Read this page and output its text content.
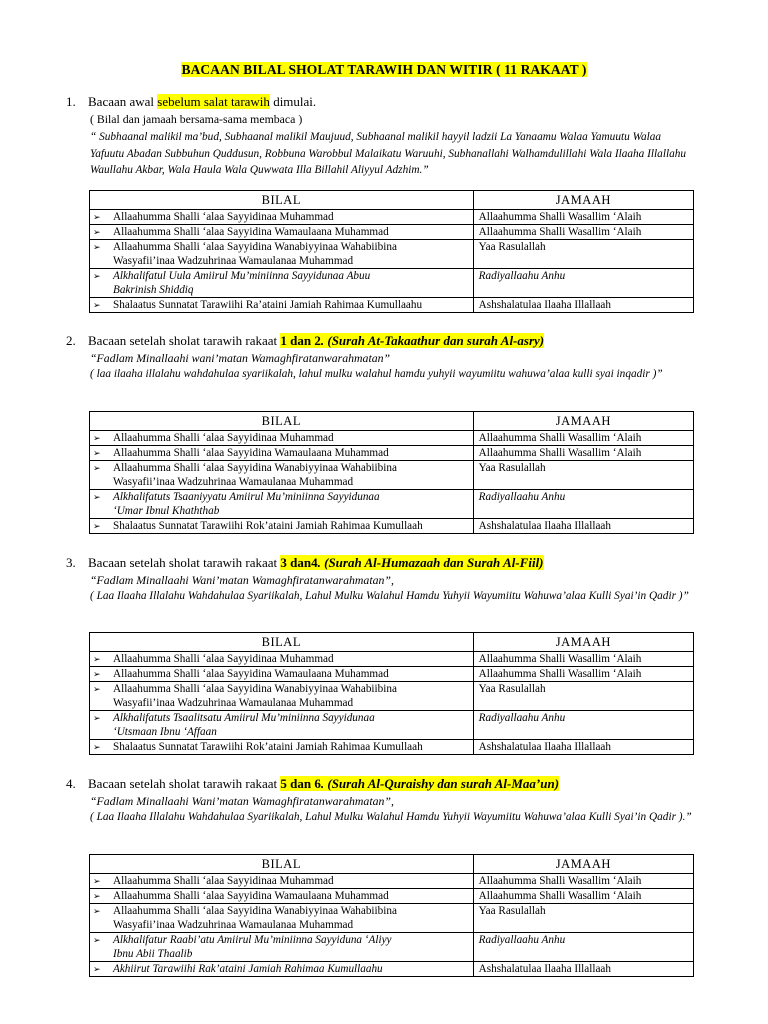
BACAAN BILAL SHOLAT TARAWIH DAN WITIR ( 11 RAKAAT )
1. Bacaan awal sebelum salat tarawih dimulai.
( Bilal dan jamaah bersama-sama membaca )
“ Subhaanal malikil ma’bud, Subhaanal malikil Maujuud, Subhaanal malikil hayyil ladzii La Yanaamu Walaa Yamuutu Walaa Yafuutu Abadan Subbuhun Quddusun, Robbuna Warobbul Malaikatu Waruuhi, Subhanallahi Walhamdulillahi Wala Ilaaha Illallahu Waullahu Akbar, Wala Haula Wala Quwwata Illa Billahil Aliyyul Adzhim.”
BILAL	JAMAAH

➢ Allaahumma Shalli ‘alaa Sayyidinaa Muhammad	Allaahumma Shalli Wasallim ‘Alaih

➢ Allaahumma Shalli ‘alaa Sayyidina Wamaulaana Muhammad	Allaahumma Shalli Wasallim ‘Alaih

➢ Allaahumma Shalli ‘alaa Sayyidina Wanabiyyinaa Wahabiibina
Wasyafii’inaa Wadzuhrinaa Wamaulanaa Muhammad	Yaa Rasulallah

➢ Alkhalifatul Uula Amiirul Mu’miniinna Sayyidunaa Abuu
Bakrinish Shiddiq	Radiyallaahu Anhu

➢ Shalaatus Sunnatat Tarawiihi Ra’ataini Jamiah Rahimaa Kumullaahu	Ashshalatulaa Ilaaha Illallaah
2. Bacaan setelah sholat tarawih rakaat 1 dan 2. (Surah At-Takaathur dan surah Al-asry)
“Fadlam Minallaahi wani’matan Wamaghfiratanwarahmatan”
( laa ilaaha illalahu wahdahulaa syariikalah, lahul mulku walahul hamdu yuhyii wayumiitu wahuwa’alaa kulli syai inqadir )”
BILAL	JAMAAH

➢ Allaahumma Shalli ‘alaa Sayyidinaa Muhammad	Allaahumma Shalli Wasallim ‘Alaih

➢ Allaahumma Shalli ‘alaa Sayyidina Wamaulaana Muhammad	Allaahumma Shalli Wasallim ‘Alaih

➢ Allaahumma Shalli ‘alaa Sayyidina Wanabiyyinaa Wahabiibina
Wasyafii’inaa Wadzuhrinaa Wamaulanaa Muhammad	Yaa Rasulallah

➢ Alkhalifatuts Tsaaniyyatu Amiirul Mu’miniinna Sayyidunaa
‘Umar Ibnul Khaththab	Radiyallaahu Anhu

➢ Shalaatus Sunnatat Tarawiihi Rok’ataini Jamiah Rahimaa Kumullaah	Ashshalatulaa Ilaaha Illallaah
3. Bacaan setelah sholat tarawih rakaat 3 dan4. (Surah Al-Humazaah dan Surah Al-Fiil)
“Fadlam Minallaahi Wani’matan Wamaghfiratanwarahmatan”,
( Laa Ilaaha Illalahu Wahdahulaa Syariikalah, Lahul Mulku Walahul Hamdu Yuhyii Wayumiitu Wahuwa’alaa Kulli Syai’in Qadir )”
BILAL	JAMAAH

➢ Allaahumma Shalli ‘alaa Sayyidinaa Muhammad	Allaahumma Shalli Wasallim ‘Alaih

➢ Allaahumma Shalli ‘alaa Sayyidina Wamaulaana Muhammad	Allaahumma Shalli Wasallim ‘Alaih

➢ Allaahumma Shalli ‘alaa Sayyidina Wanabiyyinaa Wahabiibina
Wasyafii’inaa Wadzuhrinaa Wamaulanaa Muhammad	Yaa Rasulallah

➢ Alkhalifatuts Tsaalitsatu Amiirul Mu’miniinna Sayyidunaa
‘Utsmaan Ibnu ‘Affaan	Radiyallaahu Anhu

➢ Shalaatus Sunnatat Tarawiihi Rok’ataini Jamiah Rahimaa Kumullaah	Ashshalatulaa Ilaaha Illallaah
4. Bacaan setelah sholat tarawih rakaat 5 dan 6. (Surah Al-Quraishy dan surah Al-Maa’un)
“Fadlam Minallaahi Wani’matan Wamaghfiratanwarahmatan”,
( Laa Ilaaha Illalahu Wahdahulaa Syariikalah, Lahul Mulku Walahul Hamdu Yuhyii Wayumiitu Wahuwa’alaa Kulli Syai’in Qadir ).”
BILAL	JAMAAH

➢ Allaahumma Shalli ‘alaa Sayyidinaa Muhammad	Allaahumma Shalli Wasallim ‘Alaih

➢ Allaahumma Shalli ‘alaa Sayyidina Wamaulaana Muhammad	Allaahumma Shalli Wasallim ‘Alaih

➢ Allaahumma Shalli ‘alaa Sayyidina Wanabiyyinaa Wahabiibina
Wasyafii’inaa Wadzuhrinaa Wamaulanaa Muhammad	Yaa Rasulallah

➢ Alkhalifatur Raabi’atu Amiirul Mu’miniinna Sayyiduna ‘Aliyy
Ibnu Abii Thaalib	Radiyallaahu Anhu

➢ Akhiirut Tarawiihi Rak’ataini Jamiah Rahimaa Kumullaahu	Ashshalatulaa Ilaaha Illallaah
